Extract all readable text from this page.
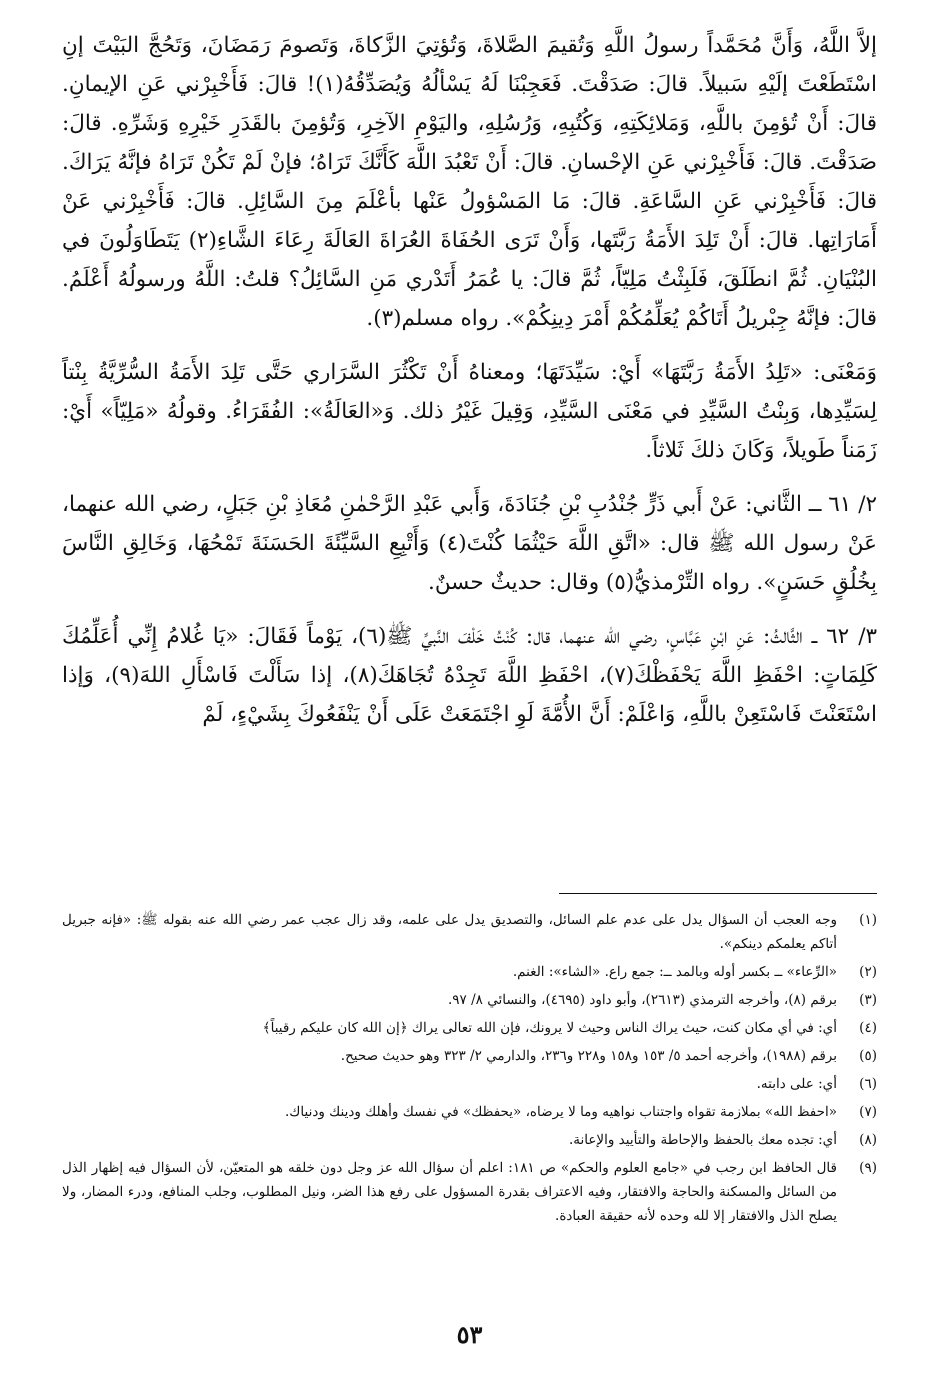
إلاَّ اللَّهُ، وَأَنَّ مُحَمَّداً رسولُ اللَّهِ وَتُقيمَ الصَّلاةَ، وَتُؤتِيَ الزَّكاةَ، وَتَصومَ رَمَضَانَ، وَتَحُجَّ البَيْتَ إنِ اسْتَطَعْتَ إلَيْهِ سَبيلاً. قالَ: صَدَقْتَ. فَعَجِبْنَا لَهُ يَسْألُهُ وَيُصَدِّقُهُ(١)! قالَ: فَأَخْبِرْني عَنِ الإيمانِ. قالَ: أَنْ تُؤمِنَ باللَّهِ، وَمَلائِكَتِهِ، وَكُتُبِهِ، وَرُسُلِهِ، واليَوْمِ الآخِرِ، وَتُؤمِنَ بالقَدَرِ خَيْرِهِ وَشَرِّهِ. قالَ: صَدَقْتَ. قالَ: فَأَخْبِرْني عَنِ الإحْسانِ. قالَ: أَنْ تَعْبُدَ اللَّهَ كَأَنَّكَ تَرَاهُ؛ فإنْ لَمْ تَكُنْ تَرَاهُ فإنَّهُ يَرَاكَ. قالَ: فَأَخْبِرْني عَنِ السَّاعَةِ. قالَ: مَا المَسْؤولُ عَنْها بأعْلَمَ مِنَ السَّائِلِ. قالَ: فَأَخْبِرْني عَنْ أَمَارَاتِها. قالَ: أَنْ تَلِدَ الأَمَةُ رَبَّتَها، وَأَنْ تَرَى الحُفَاةَ العُرَاةَ العَالَةَ رِعَاءَ الشَّاءِ(٢) يَتَطَاوَلُونَ في البُنْيَانِ. ثُمَّ انطَلَقَ، فَلَبِثْتُ مَلِيّاً، ثُمَّ قالَ: يا عُمَرُ أَتَدْري مَنِ السَّائِلُ؟ قلتُ: اللَّهُ ورسولُهُ أَعْلَمُ. قالَ: فإنَّهُ جِبْريلُ أَتَاكُمْ يُعَلِّمُكُمْ أَمْرَ دِينِكُمْ». رواه مسلم(٣).

وَمَعْنَى: «تَلِدُ الأَمَةُ رَبَّتَهَا» أَيْ: سَيِّدَتَهَا؛ ومعناهُ أَنْ تَكْثُرَ السَّرَاري حَتَّى تَلِدَ الأَمَةُ السُّرِّيَّةُ بِنْتاً لِسَيِّدِها، وَبِنْتُ السَّيِّدِ في مَعْنَى السَّيِّدِ، وَقِيلَ غَيْرُ ذلك. وَ«العَالَةُ»: الفُقَرَاءُ. وقولُهُ «مَلِيّاً» أَيْ: زَمَناً طَويلاً، وَكَانَ ذلكَ ثَلاثاً.

٢/ ٦١ ــ الثَّاني: عَنْ أَبي ذَرٍّ جُنْدُبِ بْنِ جُنَادَةَ، وَأَبي عَبْدِ الرَّحْمٰنِ مُعَاذِ بْنِ جَبَلٍ، رضي الله عنهما، عَنْ رسول الله ﷺ قال: «اتَّقِ اللَّهَ حَيْثُمَا كُنْتَ(٤) وَأَتْبِعِ السَّيِّئَةَ الحَسَنَةَ تَمْحُهَا، وَخَالِقِ النَّاسَ بِخُلُقٍ حَسَنٍ». رواه التِّرْمذيُّ(٥) وقال: حديثٌ حسنٌ.

٣/ ٦٢ ــ الثَّالثُ: عَنِ ابْنِ عَبَّاسٍ، رضي الله عنهما، قال: كُنْتُ خَلْفَ النَّبيِّ ﷺ(٦)، يَوْماً فَقَالَ: «يَا غُلامُ إِنِّي أُعَلِّمُكَ كَلِمَاتٍ: احْفَظِ اللَّهَ يَحْفَظْكَ(٧)، احْفَظِ اللَّهَ تَجِدْهُ تُجَاهَكَ(٨)، إذا سَأَلْتَ فَاسْأَلِ اللهَ(٩)، وَإذا اسْتَعَنْتَ فَاسْتَعِنْ باللَّهِ، وَاعْلَمْ: أَنَّ الأُمَّةَ لَوِ اجْتَمَعَتْ عَلَى أَنْ يَنْفَعُوكَ بِشَيْءٍ، لَمْ

(١)
وجه العجب أن السؤال يدل على عدم علم السائل، والتصديق يدل على علمه، وقد زال عجب عمر رضي الله عنه بقوله ﷺ: «فإنه جبريل أتاكم يعلمكم دينكم».
(٢)
«الرِّعاء» ــ بكسر أوله وبالمد ــ: جمع راع. «الشاء»: الغنم.
(٣)
برقم (٨)، وأخرجه الترمذي (٢٦١٣)، وأبو داود (٤٦٩٥)، والنسائي ٨/ ٩٧.
(٤)
أي: في أي مكان كنت، حيث يراك الناس وحيث لا يرونك، فإن الله تعالى يراك ﴿إن الله كان عليكم رقيباً﴾
(٥)
برقم (١٩٨٨)، وأخرجه أحمد ٥/ ١٥٣ و١٥٨ و٢٢٨ و٢٣٦، والدارمي ٢/ ٣٢٣ وهو حديث صحيح.
(٦)
أي: على دابته.
(٧)
«احفظ الله» بملازمة تقواه واجتناب نواهيه وما لا يرضاه، «يحفظك» في نفسك وأهلك ودينك ودنياك.
(٨)
أي: تجده معك بالحفظ والإحاطة والتأييد والإعانة.
(٩)
قال الحافظ ابن رجب في «جامع العلوم والحكم» ص ١٨١: اعلم أن سؤال الله عز وجل دون خلقه هو المتعيّن، لأن السؤال فيه إظهار الذل من السائل والمسكنة والحاجة والافتقار، وفيه الاعتراف بقدرة المسؤول على رفع هذا الضر، ونيل المطلوب، وجلب المنافع، ودرء المضار، ولا يصلح الذل والافتقار إلا لله وحده لأنه حقيقة العبادة.
٥٣
